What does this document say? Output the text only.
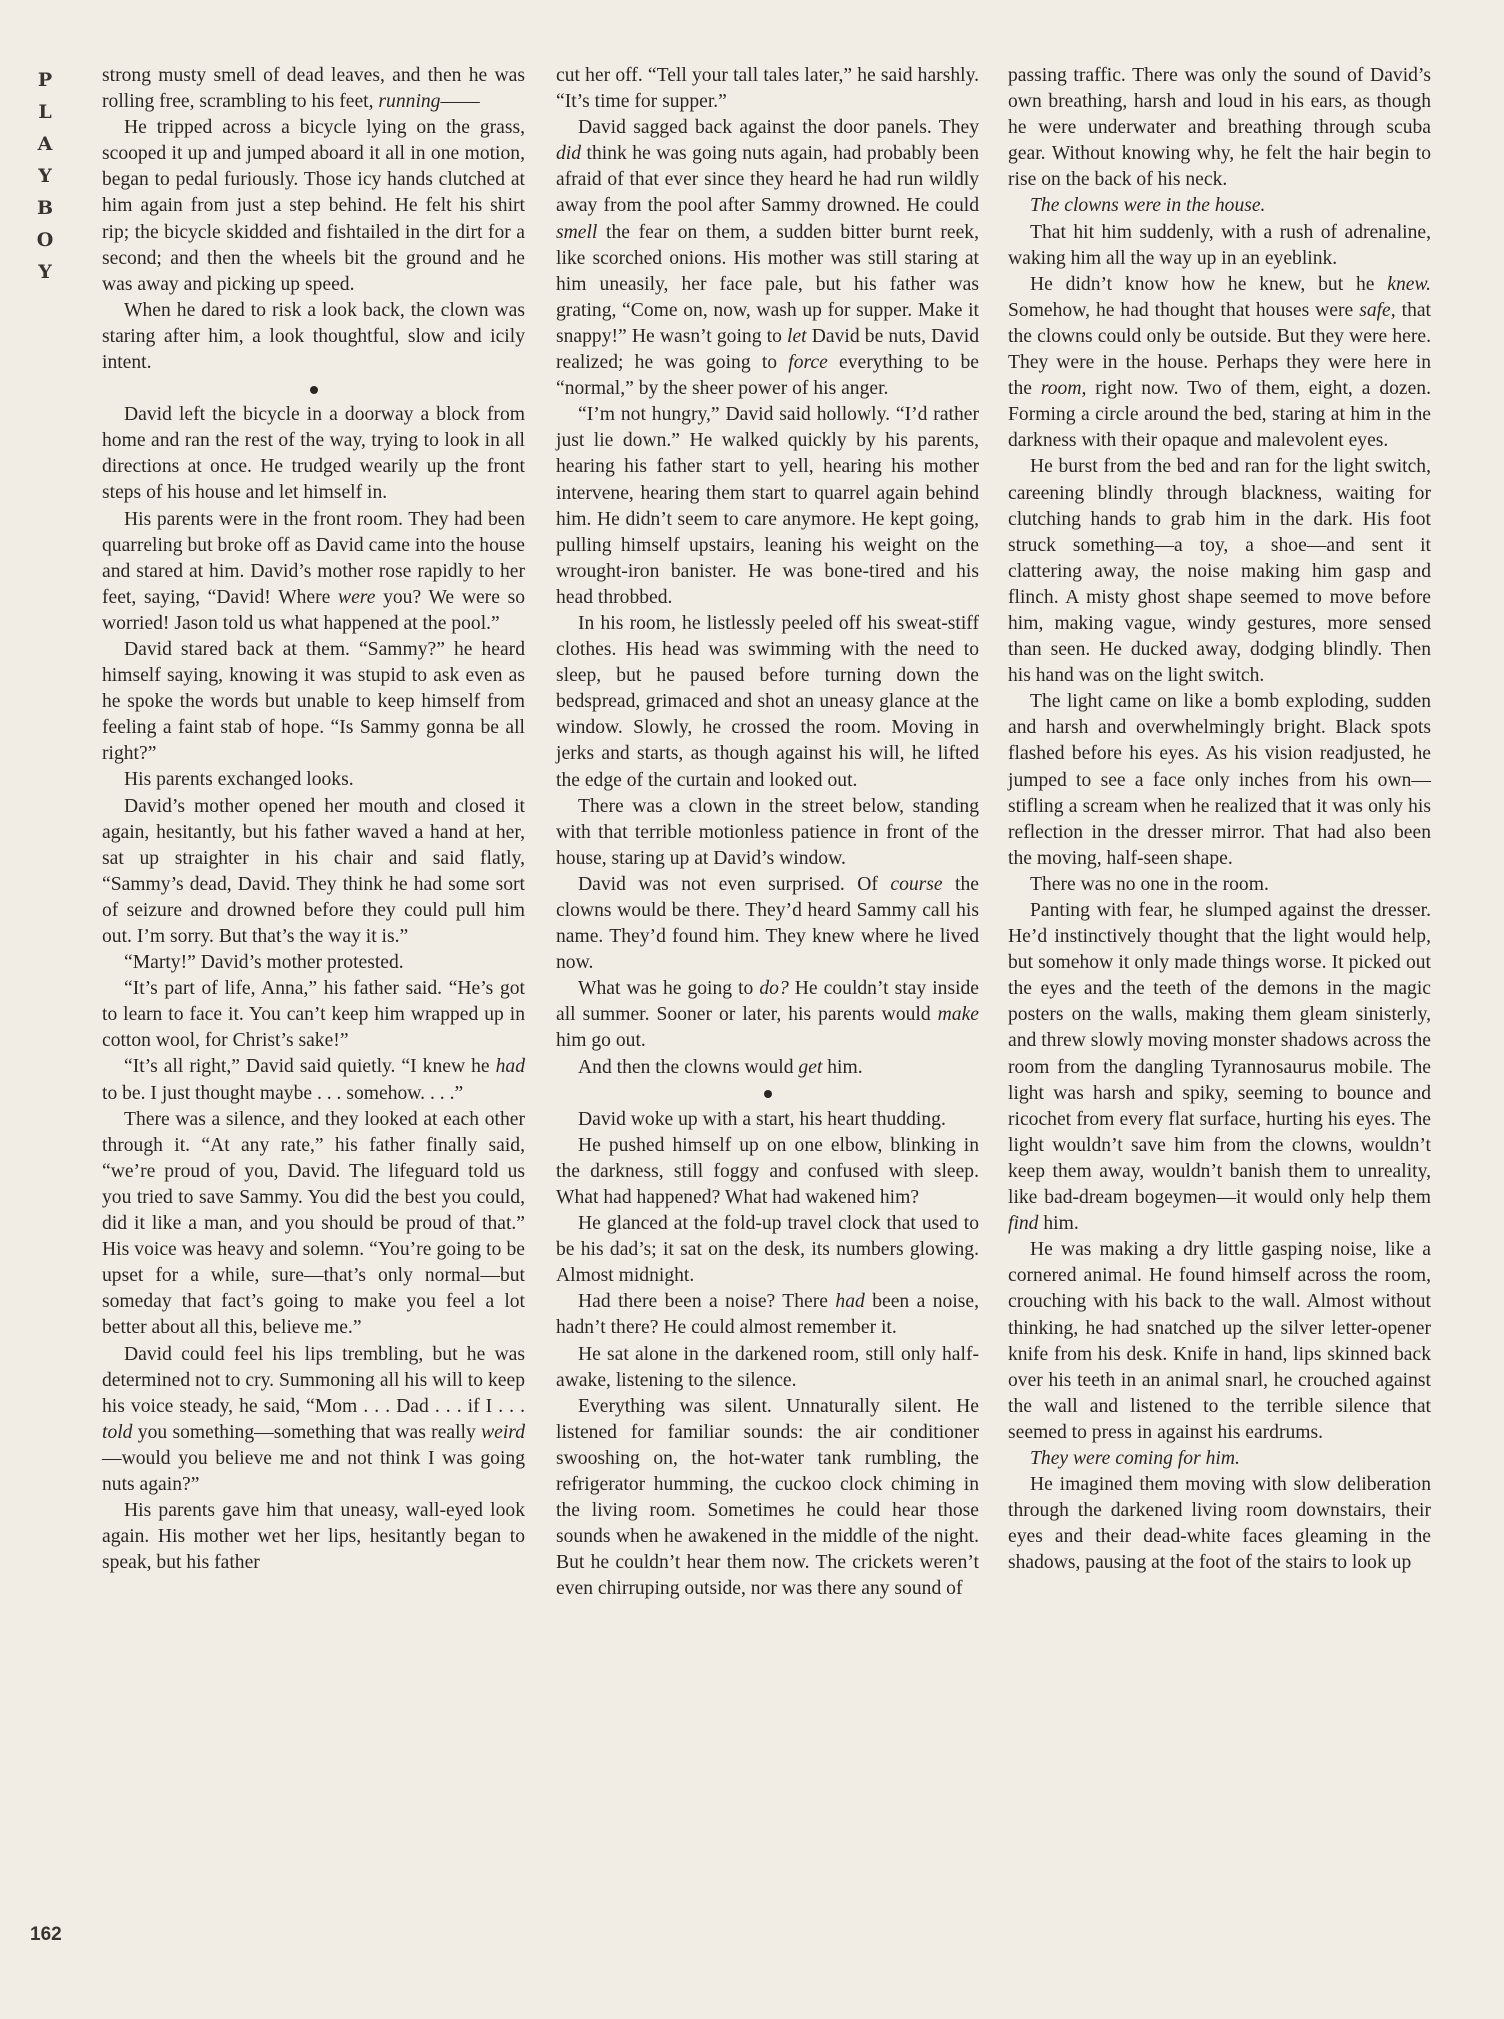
P
L
A
Y
B
O
Y
162

strong musty smell of dead leaves, and then he was rolling free, scrambling to his feet, running——

He tripped across a bicycle lying on the grass, scooped it up and jumped aboard it all in one motion, began to pedal furiously. Those icy hands clutched at him again from just a step behind. He felt his shirt rip; the bicycle skidded and fishtailed in the dirt for a second; and then the wheels bit the ground and he was away and picking up speed.

When he dared to risk a look back, the clown was staring after him, a look thoughtful, slow and icily intent.

David left the bicycle in a doorway a block from home and ran the rest of the way, trying to look in all directions at once. He trudged wearily up the front steps of his house and let himself in.

His parents were in the front room. They had been quarreling but broke off as David came into the house and stared at him. David’s mother rose rapidly to her feet, saying, “David! Where were you? We were so worried! Jason told us what happened at the pool.”

David stared back at them. “Sammy?” he heard himself saying, knowing it was stupid to ask even as he spoke the words but unable to keep himself from feeling a faint stab of hope. “Is Sammy gonna be all right?”

His parents exchanged looks.

David’s mother opened her mouth and closed it again, hesitantly, but his father waved a hand at her, sat up straighter in his chair and said flatly, “Sammy’s dead, David. They think he had some sort of seizure and drowned before they could pull him out. I’m sorry. But that’s the way it is.”

“Marty!” David’s mother protested.

“It’s part of life, Anna,” his father said. “He’s got to learn to face it. You can’t keep him wrapped up in cotton wool, for Christ’s sake!”

“It’s all right,” David said quietly. “I knew he had to be. I just thought maybe . . . somehow. . . .”

There was a silence, and they looked at each other through it. “At any rate,” his father finally said, “we’re proud of you, David. The lifeguard told us you tried to save Sammy. You did the best you could, did it like a man, and you should be proud of that.” His voice was heavy and solemn. “You’re going to be upset for a while, sure—that’s only normal—but someday that fact’s going to make you feel a lot better about all this, believe me.”

David could feel his lips trembling, but he was determined not to cry. Summoning all his will to keep his voice steady, he said, “Mom . . . Dad . . . if I . . . told you something—something that was really weird—would you believe me and not think I was going nuts again?”

His parents gave him that uneasy, wall-eyed look again. His mother wet her lips, hesitantly began to speak, but his father

cut her off. “Tell your tall tales later,” he said harshly. “It’s time for supper.”

David sagged back against the door panels. They did think he was going nuts again, had probably been afraid of that ever since they heard he had run wildly away from the pool after Sammy drowned. He could smell the fear on them, a sudden bitter burnt reek, like scorched onions. His mother was still staring at him uneasily, her face pale, but his father was grating, “Come on, now, wash up for supper. Make it snappy!” He wasn’t going to let David be nuts, David realized; he was going to force everything to be “normal,” by the sheer power of his anger.

“I’m not hungry,” David said hollowly. “I’d rather just lie down.” He walked quickly by his parents, hearing his father start to yell, hearing his mother intervene, hearing them start to quarrel again behind him. He didn’t seem to care anymore. He kept going, pulling himself upstairs, leaning his weight on the wrought-iron banister. He was bone-tired and his head throbbed.

In his room, he listlessly peeled off his sweat-stiff clothes. His head was swimming with the need to sleep, but he paused before turning down the bedspread, grimaced and shot an uneasy glance at the window. Slowly, he crossed the room. Moving in jerks and starts, as though against his will, he lifted the edge of the curtain and looked out.

There was a clown in the street below, standing with that terrible motionless patience in front of the house, staring up at David’s window.

David was not even surprised. Of course the clowns would be there. They’d heard Sammy call his name. They’d found him. They knew where he lived now.

What was he going to do? He couldn’t stay inside all summer. Sooner or later, his parents would make him go out.

And then the clowns would get him.

David woke up with a start, his heart thudding.

He pushed himself up on one elbow, blinking in the darkness, still foggy and confused with sleep. What had happened? What had wakened him?

He glanced at the fold-up travel clock that used to be his dad’s; it sat on the desk, its numbers glowing. Almost midnight.

Had there been a noise? There had been a noise, hadn’t there? He could almost remember it.

He sat alone in the darkened room, still only half-awake, listening to the silence.

Everything was silent. Unnaturally silent. He listened for familiar sounds: the air conditioner swooshing on, the hot-water tank rumbling, the refrigerator humming, the cuckoo clock chiming in the living room. Sometimes he could hear those sounds when he awakened in the middle of the night. But he couldn’t hear them now. The crickets weren’t even chirruping outside, nor was there any sound of

passing traffic. There was only the sound of David’s own breathing, harsh and loud in his ears, as though he were underwater and breathing through scuba gear. Without knowing why, he felt the hair begin to rise on the back of his neck.

The clowns were in the house.

That hit him suddenly, with a rush of adrenaline, waking him all the way up in an eyeblink.

He didn’t know how he knew, but he knew. Somehow, he had thought that houses were safe, that the clowns could only be outside. But they were here. They were in the house. Perhaps they were here in the room, right now. Two of them, eight, a dozen. Forming a circle around the bed, staring at him in the darkness with their opaque and malevolent eyes.

He burst from the bed and ran for the light switch, careening blindly through blackness, waiting for clutching hands to grab him in the dark. His foot struck something—a toy, a shoe—and sent it clattering away, the noise making him gasp and flinch. A misty ghost shape seemed to move before him, making vague, windy gestures, more sensed than seen. He ducked away, dodging blindly. Then his hand was on the light switch.

The light came on like a bomb exploding, sudden and harsh and overwhelmingly bright. Black spots flashed before his eyes. As his vision readjusted, he jumped to see a face only inches from his own—stifling a scream when he realized that it was only his reflection in the dresser mirror. That had also been the moving, half-seen shape.

There was no one in the room.

Panting with fear, he slumped against the dresser. He’d instinctively thought that the light would help, but somehow it only made things worse. It picked out the eyes and the teeth of the demons in the magic posters on the walls, making them gleam sinisterly, and threw slowly moving monster shadows across the room from the dangling Tyrannosaurus mobile. The light was harsh and spiky, seeming to bounce and ricochet from every flat surface, hurting his eyes. The light wouldn’t save him from the clowns, wouldn’t keep them away, wouldn’t banish them to unreality, like bad-dream bogeymen—it would only help them find him.

He was making a dry little gasping noise, like a cornered animal. He found himself across the room, crouching with his back to the wall. Almost without thinking, he had snatched up the silver letter-opener knife from his desk. Knife in hand, lips skinned back over his teeth in an animal snarl, he crouched against the wall and listened to the terrible silence that seemed to press in against his eardrums.

They were coming for him.

He imagined them moving with slow deliberation through the darkened living room downstairs, their eyes and their dead-white faces gleaming in the shadows, pausing at the foot of the stairs to look up
